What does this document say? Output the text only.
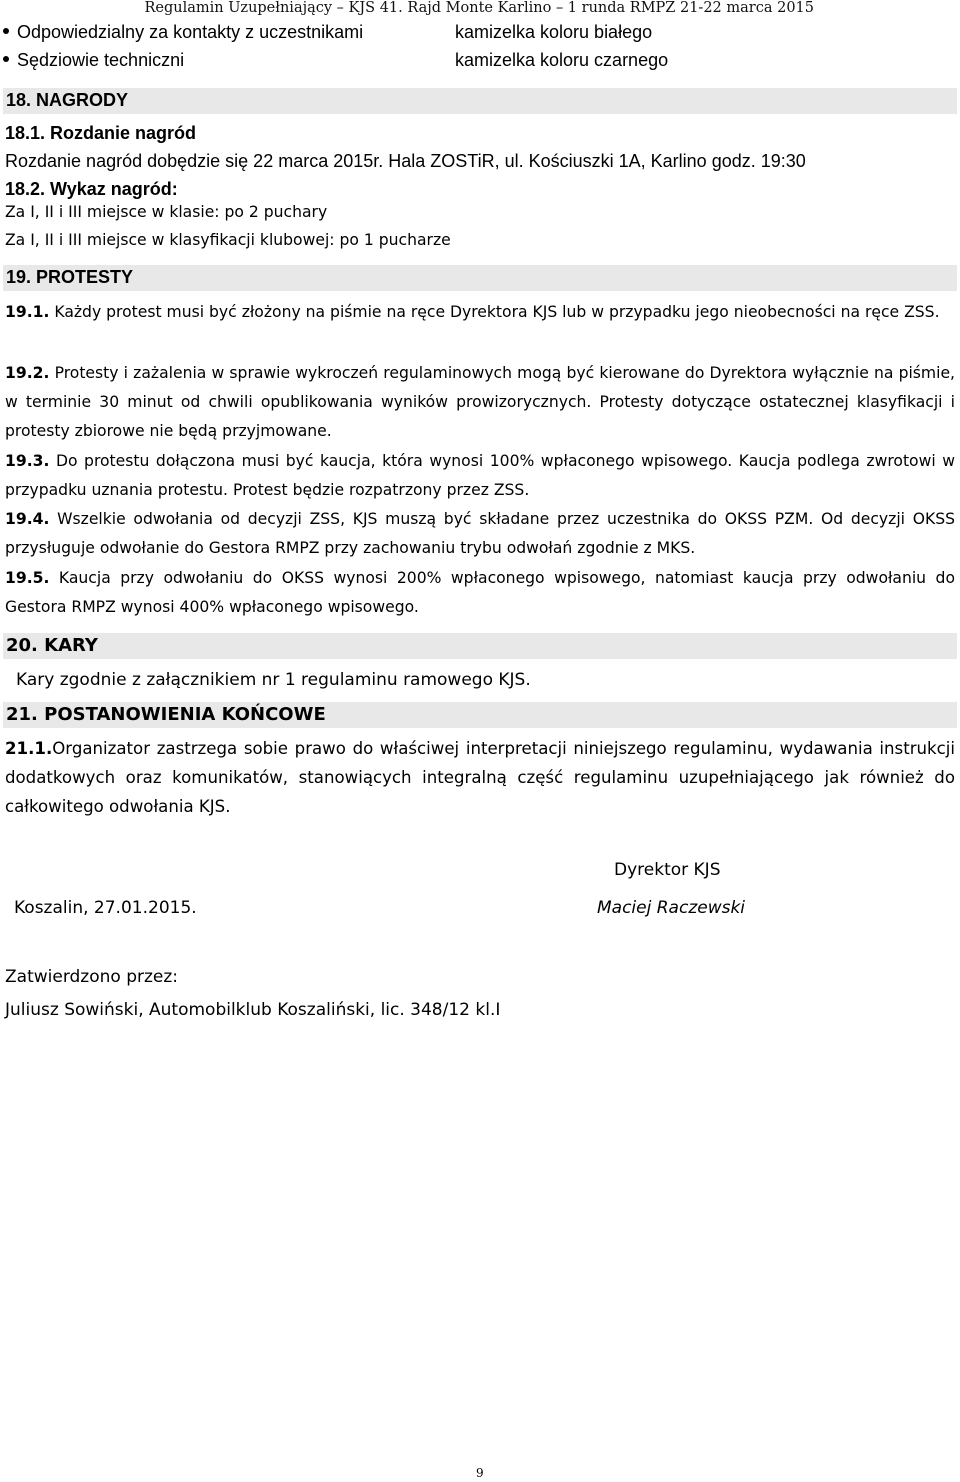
Regulamin Uzupełniający – KJS 41. Rajd Monte Karlino – 1 runda RMPZ 21-22 marca 2015
Odpowiedzialny za kontakty z uczestnikami	kamizelka koloru białego
Sędziowie techniczni	kamizelka koloru czarnego
18. NAGRODY
18.1. Rozdanie nagród
Rozdanie nagród dobędzie się 22 marca 2015r. Hala ZOSTiR, ul. Kościuszki 1A, Karlino godz. 19:30
18.2. Wykaz nagród:
Za I, II i III miejsce w klasie: po 2 puchary
Za I, II i III miejsce w klasyfikacji klubowej: po 1 pucharze
19. PROTESTY
19.1. Każdy protest musi być złożony na piśmie na ręce Dyrektora KJS lub w przypadku jego nieobecności na ręce ZSS.
19.2. Protesty i zażalenia w sprawie wykroczeń regulaminowych mogą być kierowane do Dyrektora wyłącznie na piśmie, w terminie 30 minut od chwili opublikowania wyników prowizorycznych. Protesty dotyczące ostatecznej klasyfikacji i protesty zbiorowe nie będą przyjmowane.
19.3. Do protestu dołączona musi być kaucja, która wynosi 100% wpłaconego wpisowego. Kaucja podlega zwrotowi w przypadku uznania protestu. Protest będzie rozpatrzony przez ZSS.
19.4. Wszelkie odwołania od decyzji ZSS, KJS muszą być składane przez uczestnika do OKSS PZM. Od decyzji OKSS przysługuje odwołanie do Gestora RMPZ przy zachowaniu trybu odwołań zgodnie z MKS.
19.5. Kaucja przy odwołaniu do OKSS wynosi 200% wpłaconego wpisowego, natomiast kaucja przy odwołaniu do Gestora RMPZ wynosi 400% wpłaconego wpisowego.
20. KARY
Kary zgodnie z załącznikiem nr 1 regulaminu ramowego KJS.
21. POSTANOWIENIA KOŃCOWE
21.1.Organizator zastrzega sobie prawo do właściwej interpretacji niniejszego regulaminu, wydawania instrukcji dodatkowych oraz komunikatów, stanowiących integralną część regulaminu uzupełniającego jak również do całkowitego odwołania KJS.
Dyrektor KJS
Koszalin, 27.01.2015.	Maciej Raczewski
Zatwierdzono przez:
Juliusz Sowiński, Automobilklub Koszaliński, lic. 348/12 kl.I
9
